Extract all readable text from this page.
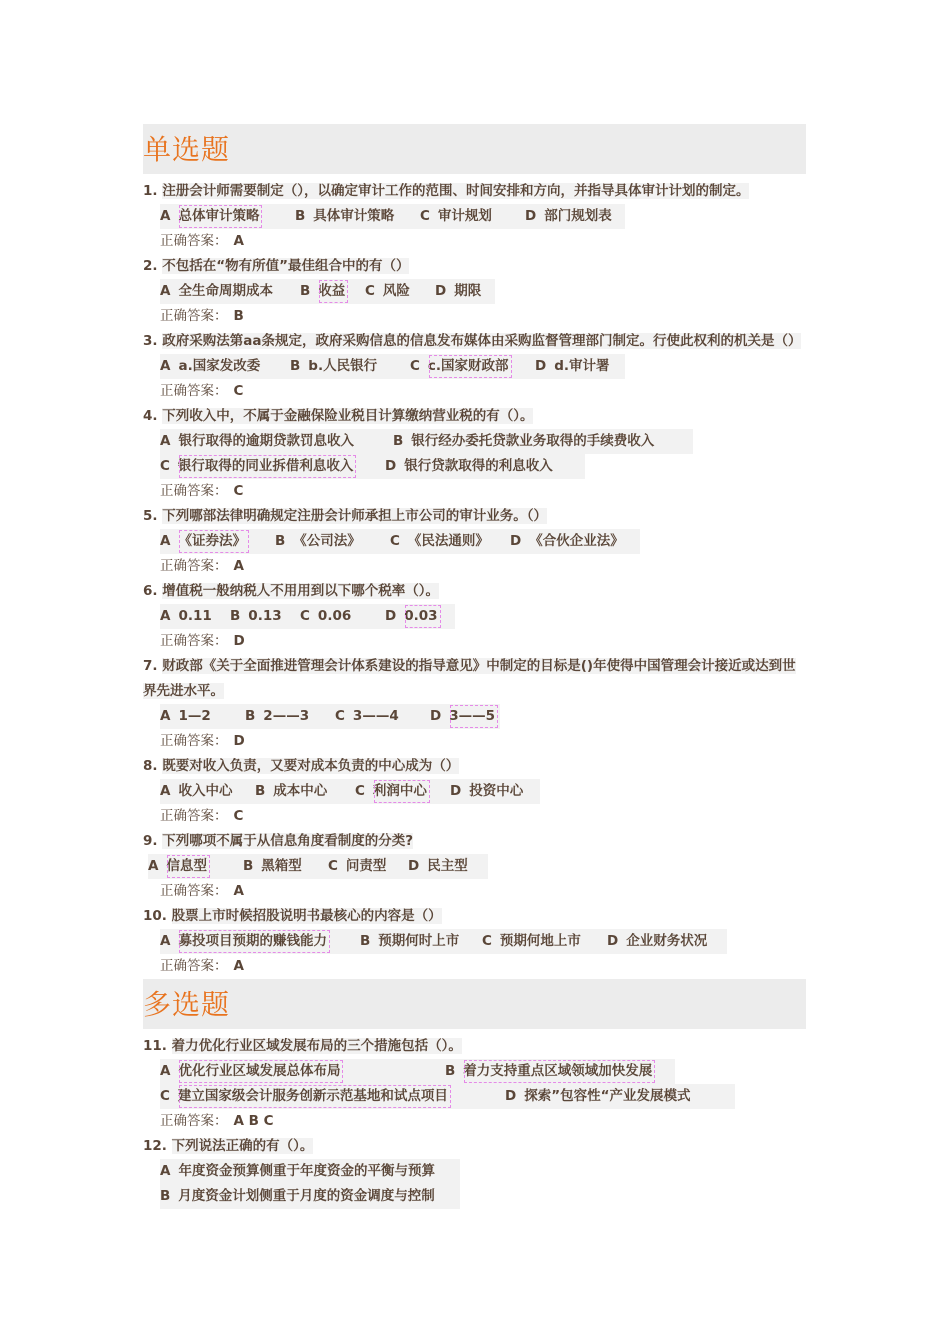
单选题
1. 注册会计师需要制定（），以确定审计工作的范围、时间安排和方向，并指导具体审计计划的制定。
A 总体审计策略	B 具体审计策略 C 审计规划 D 部门规划表
正确答案： A
2. 不包括在“物有所值”最佳组合中的有（）
A 全生命周期成本 B 收益 C 风险 D 期限
正确答案： B
3. 政府采购法第aa条规定，政府采购信息的信息发布媒体由采购监督管理部门制定。行使此权利的机关是（）
A a.国家发改委 B b.人民银行 C c.国家财政部 D d.审计署
正确答案： C
4. 下列收入中，不属于金融保险业税目计算缴纳营业税的有（）。
A 银行取得的逾期贷款罚息收入	B 银行经办委托贷款业务取得的手续费收入
C 银行取得的同业拆借利息收入 D 银行贷款取得的利息收入
正确答案： C
5. 下列哪部法律明确规定注册会计师承担上市公司的审计业务。（）
A 《证券法》 B 《公司法》 C 《民法通则》 D 《合伙企业法》
正确答案： A
6. 增值税一般纳税人不用用到以下哪个税率（）。
A 0.11 B 0.13 C 0.06	D 0.03
正确答案： D
7. 财政部《关于全面推进管理会计体系建设的指导意见》中制定的目标是()年使得中国管理会计接近或达到世界先进水平。
A 1—2	B 2——3 C 3——4 D 3——5
正确答案： D
8. 既要对收入负责，又要对成本负责的中心成为（）
A 收入中心 B 成本中心 C 利润中心 D 投资中心
正确答案： C
9. 下列哪项不属于从信息角度看制度的分类?
A 信息型	B 黑箱型 C 问责型 D 民主型
正确答案： A
10. 股票上市时候招股说明书最核心的内容是（）
A 募投项目预期的赚钱能力 B 预期何时上市 C 预期何地上市 D 企业财务状况
正确答案： A
多选题
11. 着力优化行业区域发展布局的三个措施包括（）。
A 优化行业区域发展总体布局	B 着力支持重点区域领域加快发展
C 建立国家级会计服务创新示范基地和试点项目	D 探索”包容性“产业发展模式
正确答案： A B C
12. 下列说法正确的有（）。
A 年度资金预算侧重于年度资金的平衡与预算
B 月度资金计划侧重于月度的资金调度与控制
